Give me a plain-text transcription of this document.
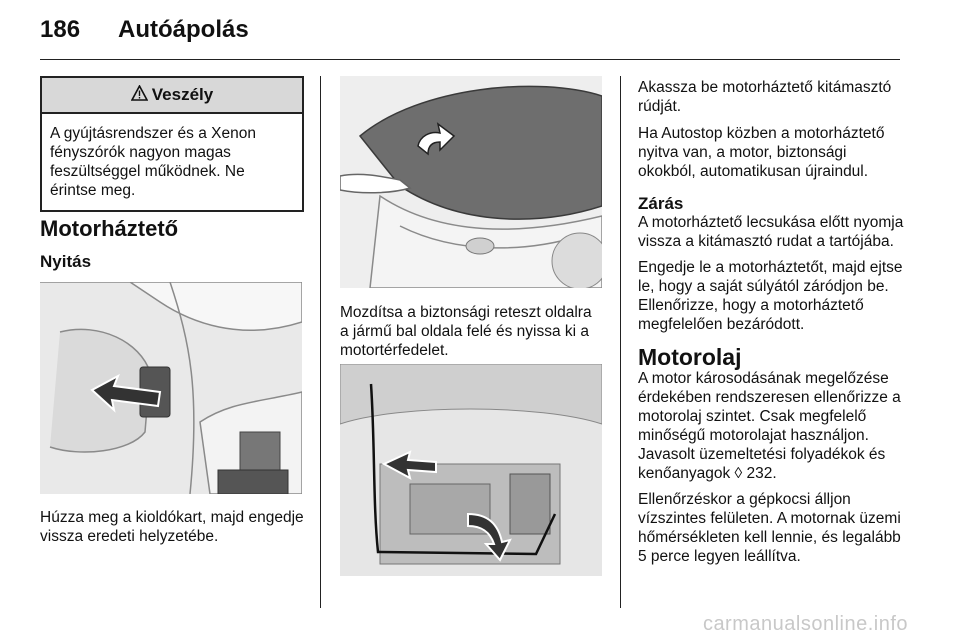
186 Autóápolás
Veszély
A gyújtásrendszer és a Xenon fényszórók nagyon magas feszültséggel működnek. Ne érintse meg.
Motorháztető
Nyitás
Húzza meg a kioldókart, majd engedje vissza eredeti helyzetébe.
Mozdítsa a biztonsági reteszt oldalra a jármű bal oldala felé és nyissa ki a motortérfedelet.

Akassza be motorháztető kitámasztó rúdját.

Ha Autostop közben a motorháztető nyitva van, a motor, biztonsági okokból, automatikusan újraindul.

Zárás

A motorháztető lecsukása előtt nyomja vissza a kitámasztó rudat a tartójába.

Engedje le a motorháztetőt, majd ejtse le, hogy a saját súlyától záródjon be. Ellenőrizze, hogy a motorháztető megfelelően bezáródott.

Motorolaj

A motor károsodásának megelőzése érdekében rendszeresen ellenőrizze a motorolaj szintet. Csak megfelelő minőségű motorolajat használjon. Javasolt üzemeltetési folyadékok és kenőanyagok ◊ 232.

Ellenőrzéskor a gépkocsi álljon vízszintes felületen. A motornak üzemi hőmérsékleten kell lennie, és legalább 5 perce legyen leállítva.

carmanualsonline.info
